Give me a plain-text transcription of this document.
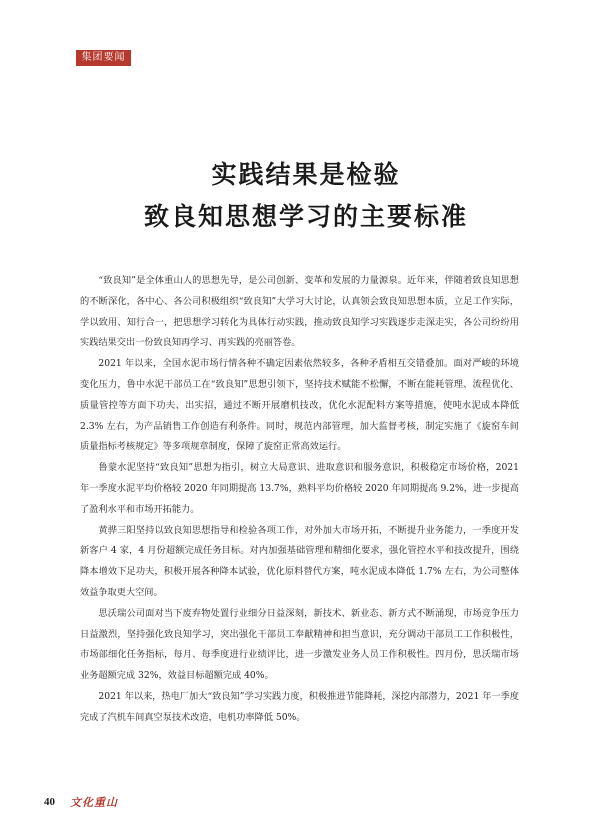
集团要闻
实践结果是检验
致良知思想学习的主要标准

“致良知”是全体重山人的思想先导，是公司创新、变革和发展的力量源泉。近年来，伴随着致良知思想的不断深化，各中心、各公司积极组织“致良知”大学习大讨论，认真领会致良知思想本质，立足工作实际，学以致用、知行合一，把思想学习转化为具体行动实践，推动致良知学习实践逐步走深走实，各公司纷纷用实践结果交出一份致良知再学习、再实践的亮丽答卷。

2021 年以来，全国水泥市场行情各种不确定因素依然较多，各种矛盾相互交错叠加。面对严峻的环境变化压力，鲁中水泥干部员工在“致良知”思想引领下，坚持技术赋能不松懈，不断在能耗管理、流程优化、质量管控等方面下功夫、出实招，通过不断开展磨机技改，优化水泥配料方案等措施，使吨水泥成本降低 2.3% 左右，为产品销售工作创造有利条件。同时，规范内部管理，加大监督考核，制定实施了《旋窑车间质量指标考核规定》等多项规章制度，保障了旋窑正常高效运行。

鲁蒙水泥坚持“致良知”思想为指引，树立大局意识、进取意识和服务意识，积极稳定市场价格，2021 年一季度水泥平均价格较 2020 年同期提高 13.7%，熟料平均价格较 2020 年同期提高 9.2%，进一步提高了盈利水平和市场开拓能力。

黄骅三阳坚持以致良知思想指导和检验各项工作，对外加大市场开拓，不断提升业务能力，一季度开发新客户 4 家，4 月份超额完成任务目标。对内加强基础管理和精细化要求，强化管控水平和技改提升，围绕降本增效下足功夫，积极开展各种降本试验，优化原料替代方案，吨水泥成本降低 1.7% 左右，为公司整体效益争取更大空间。

思沃瑞公司面对当下废弃物处置行业细分日益深刻，新技术、新业态、新方式不断涌现，市场竞争压力日益激烈，坚持强化致良知学习，突出强化干部员工奉献精神和担当意识，充分调动干部员工工作积极性，市场部细化任务指标，每月、每季度进行业绩评比，进一步激发业务人员工作积极性。四月份，思沃瑞市场业务超额完成 32%，效益目标超额完成 40%。

2021 年以来，热电厂加大“致良知”学习实践力度，积极推进节能降耗，深挖内部潜力，2021 年一季度完成了汽机车间真空泵技术改造，电机功率降低 50%。

40 文化重山
